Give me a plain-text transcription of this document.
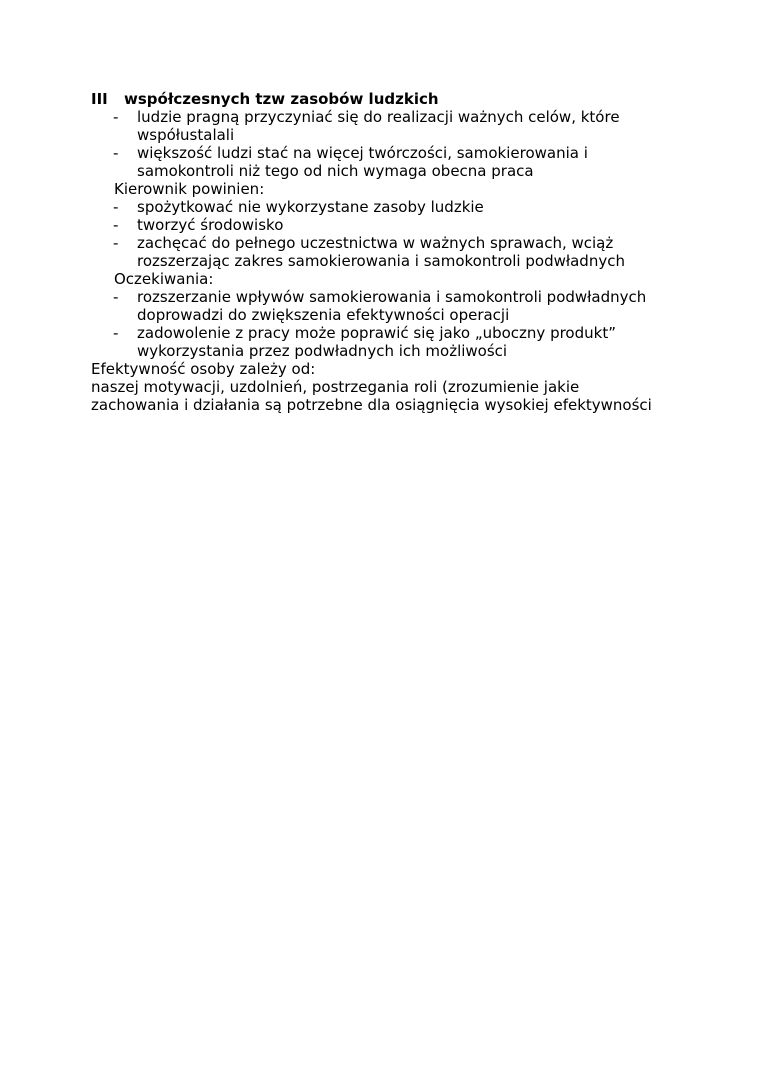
III współczesnych tzw zasobów ludzkich
- ludzie pragną przyczyniać się do realizacji ważnych celów, które
współustalali
- większość ludzi stać na więcej twórczości, samokierowania i
samokontroli niż tego od nich wymaga obecna praca
Kierownik powinien:
- spożytkować nie wykorzystane zasoby ludzkie
- tworzyć środowisko
- zachęcać do pełnego uczestnictwa w ważnych sprawach, wciąż
rozszerzając zakres samokierowania i samokontroli podwładnych
Oczekiwania:
- rozszerzanie wpływów samokierowania i samokontroli podwładnych
doprowadzi do zwiększenia efektywności operacji
- zadowolenie z pracy może poprawić się jako „uboczny produkt”
wykorzystania przez podwładnych ich możliwości
Efektywność osoby zależy od:
naszej motywacji, uzdolnień, postrzegania roli (zrozumienie jakie
zachowania i działania są potrzebne dla osiągnięcia wysokiej efektywności
